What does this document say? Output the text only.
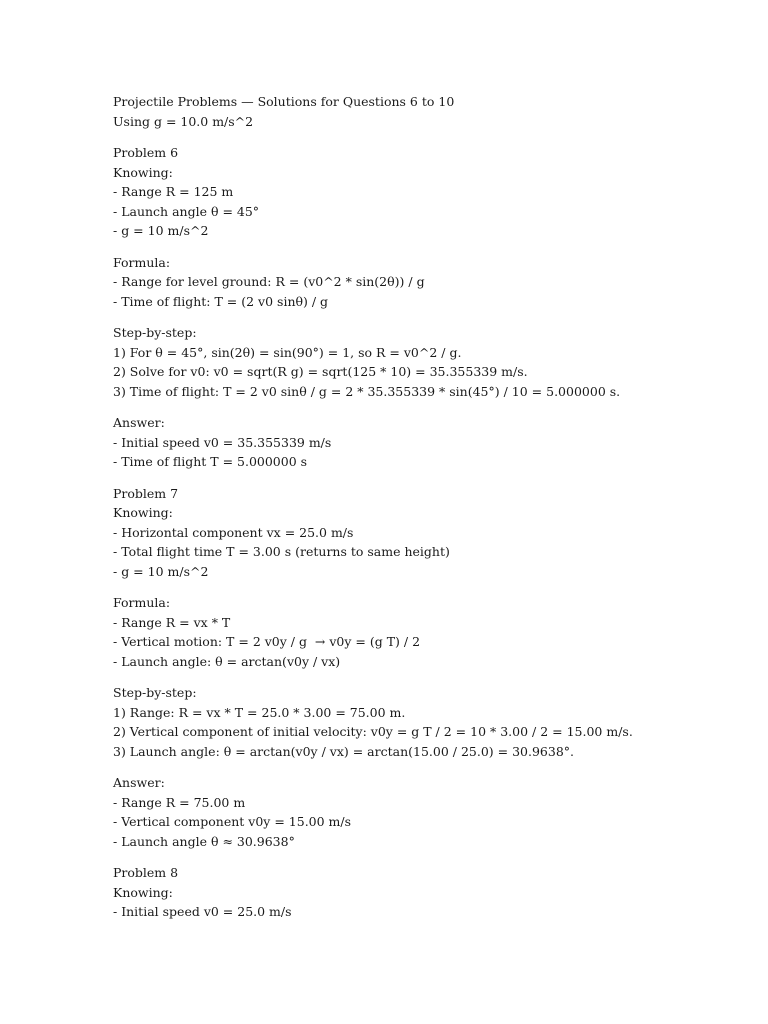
Projectile Problems — Solutions for Questions 6 to 10
Using g = 10.0 m/s^2
Problem 6
Knowing:
- Range R = 125 m
- Launch angle θ = 45°
- g = 10 m/s^2
Formula:
- Range for level ground: R = (v0^2 * sin(2θ)) / g
- Time of flight: T = (2 v0 sinθ) / g
Step-by-step:
1) For θ = 45°, sin(2θ) = sin(90°) = 1, so R = v0^2 / g.
2) Solve for v0: v0 = sqrt(R g) = sqrt(125 * 10) = 35.355339 m/s.
3) Time of flight: T = 2 v0 sinθ / g = 2 * 35.355339 * sin(45°) / 10 = 5.000000 s.
Answer:
- Initial speed v0 = 35.355339 m/s
- Time of flight T = 5.000000 s
Problem 7
Knowing:
- Horizontal component vx = 25.0 m/s
- Total flight time T = 3.00 s (returns to same height)
- g = 10 m/s^2
Formula:
- Range R = vx * T
- Vertical motion: T = 2 v0y / g  → v0y = (g T) / 2
- Launch angle: θ = arctan(v0y / vx)
Step-by-step:
1) Range: R = vx * T = 25.0 * 3.00 = 75.00 m.
2) Vertical component of initial velocity: v0y = g T / 2 = 10 * 3.00 / 2 = 15.00 m/s.
3) Launch angle: θ = arctan(v0y / vx) = arctan(15.00 / 25.0) = 30.9638°.
Answer:
- Range R = 75.00 m
- Vertical component v0y = 15.00 m/s
- Launch angle θ ≈ 30.9638°
Problem 8
Knowing:
- Initial speed v0 = 25.0 m/s
